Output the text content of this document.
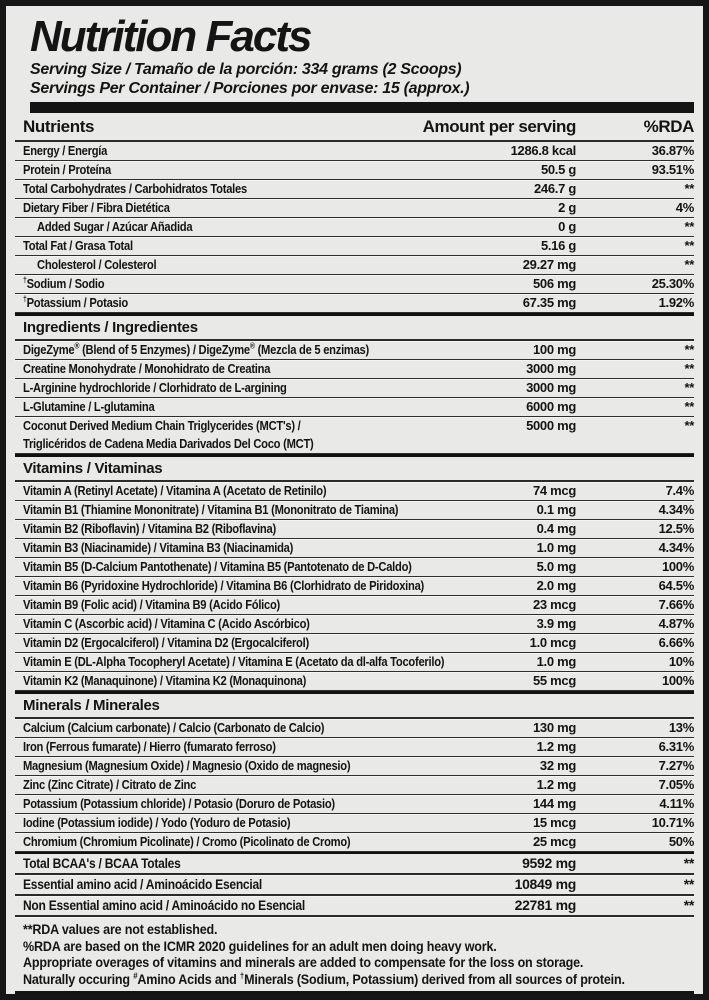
Nutrition Facts
Serving Size / Tamaño de la porción: 334 grams (2 Scoops)
Servings Per Container / Porciones por envase: 15 (approx.)
Nutrients	Amount per serving	%RDA
Energy / Energía	1286.8 kcal	36.87%
Protein / Proteína	50.5 g	93.51%
Total Carbohydrates / Carbohidratos Totales	246.7 g	**
Dietary Fiber / Fibra Dietética	2 g	4%
Added Sugar / Azúcar Añadida	0 g	**
Total Fat / Grasa Total	5.16 g	**
Cholesterol / Colesterol	29.27 mg	**
†Sodium / Sodio	506 mg	25.30%
†Potassium / Potasio	67.35 mg	1.92%
Ingredients / Ingredientes
DigeZyme® (Blend of 5 Enzymes) / DigeZyme® (Mezcla de 5 enzimas)	100 mg	**
Creatine Monohydrate / Monohidrato de Creatina	3000 mg	**
L-Arginine hydrochloride / Clorhidrato de L-argining	3000 mg	**
L-Glutamine / L-glutamina	6000 mg	**
Coconut Derived Medium Chain Triglycerides (MCT's) /
Triglicéridos de Cadena Media Darivados Del Coco (MCT)
5000 mg	**
Vitamins / Vitaminas
Vitamin A (Retinyl Acetate) / Vitamina A (Acetato de Retinilo)	74 mcg	7.4%
Vitamin B1 (Thiamine Mononitrate) / Vitamina B1 (Mononitrato de Tiamina)	0.1 mg	4.34%
Vitamin B2 (Riboflavin) / Vitamina B2 (Riboflavina)	0.4 mg	12.5%
Vitamin B3 (Niacinamide) / Vitamina B3 (Niacinamida)	1.0 mg	4.34%
Vitamin B5 (D-Calcium Pantothenate) / Vitamina B5 (Pantotenato de D-Caldo)	5.0 mg	100%
Vitamin B6 (Pyridoxine Hydrochloride) / Vitamina B6 (Clorhidrato de Piridoxina)	2.0 mg	64.5%
Vitamin B9 (Folic acid) / Vitamina B9 (Acido Fólico)	23 mcg	7.66%
Vitamin C (Ascorbic acid) / Vitamina C (Acido Ascórbico)	3.9 mg	4.87%
Vitamin D2 (Ergocalciferol) / Vitamina D2 (Ergocalciferol)	1.0 mcg	6.66%
Vitamin E (DL-Alpha Tocopheryl Acetate) / Vitamina E (Acetato da dl-alfa Tocoferilo)	1.0 mg	10%
Vitamin K2 (Manaquinone) / Vitamina K2 (Monaquinona)	55 mcg	100%
Minerals / Minerales
Calcium (Calcium carbonate) / Calcio (Carbonato de Calcio)	130 mg	13%
Iron (Ferrous fumarate) / Hierro (fumarato ferroso)	1.2 mg	6.31%
Magnesium (Magnesium Oxide) / Magnesio (Oxido de magnesio)	32 mg	7.27%
Zinc (Zinc Citrate) / Citrato de Zinc	1.2 mg	7.05%
Potassium (Potassium chloride) / Potasio (Doruro de Potasio)	144 mg	4.11%
Iodine (Potassium iodide) / Yodo (Yoduro de Potasio)	15 mcg	10.71%
Chromium (Chromium Picolinate) / Cromo (Picolinato de Cromo)	25 mcg	50%
Total BCAA's / BCAA Totales	9592 mg	**
Essential amino acid / Aminoácido Esencial	10849 mg	**
Non Essential amino acid / Aminoácido no Esencial	22781 mg	**
**RDA values are not established.
%RDA are based on the ICMR 2020 guidelines for an adult men doing heavy work.
Appropriate overages of vitamins and minerals are added to compensate for the loss on storage.
Naturally occuring #Amino Acids and †Minerals (Sodium, Potassium) derived from all sources of protein.
